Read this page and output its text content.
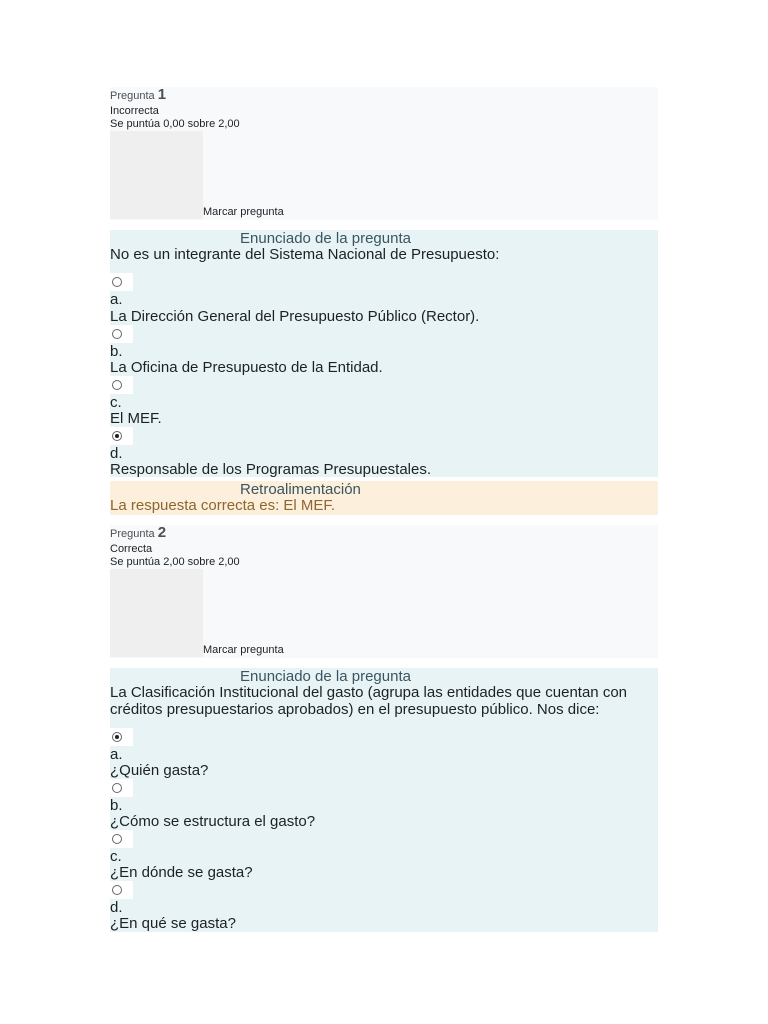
Pregunta 1
Incorrecta
Se puntúa 0,00 sobre 2,00
Marcar pregunta
Enunciado de la pregunta
No es un integrante del Sistema Nacional de Presupuesto:
a.
La Dirección General del Presupuesto Público (Rector).
b.
La Oficina de Presupuesto de la Entidad.
c.
El MEF.
d.
Responsable de los Programas Presupuestales.
Retroalimentación
La respuesta correcta es: El MEF.
Pregunta 2
Correcta
Se puntúa 2,00 sobre 2,00
Marcar pregunta
Enunciado de la pregunta
La Clasificación Institucional del gasto (agrupa las entidades que cuentan con créditos presupuestarios aprobados) en el presupuesto público. Nos dice:
a.
¿Quién gasta?
b.
¿Cómo se estructura el gasto?
c.
¿En dónde se gasta?
d.
¿En qué se gasta?
